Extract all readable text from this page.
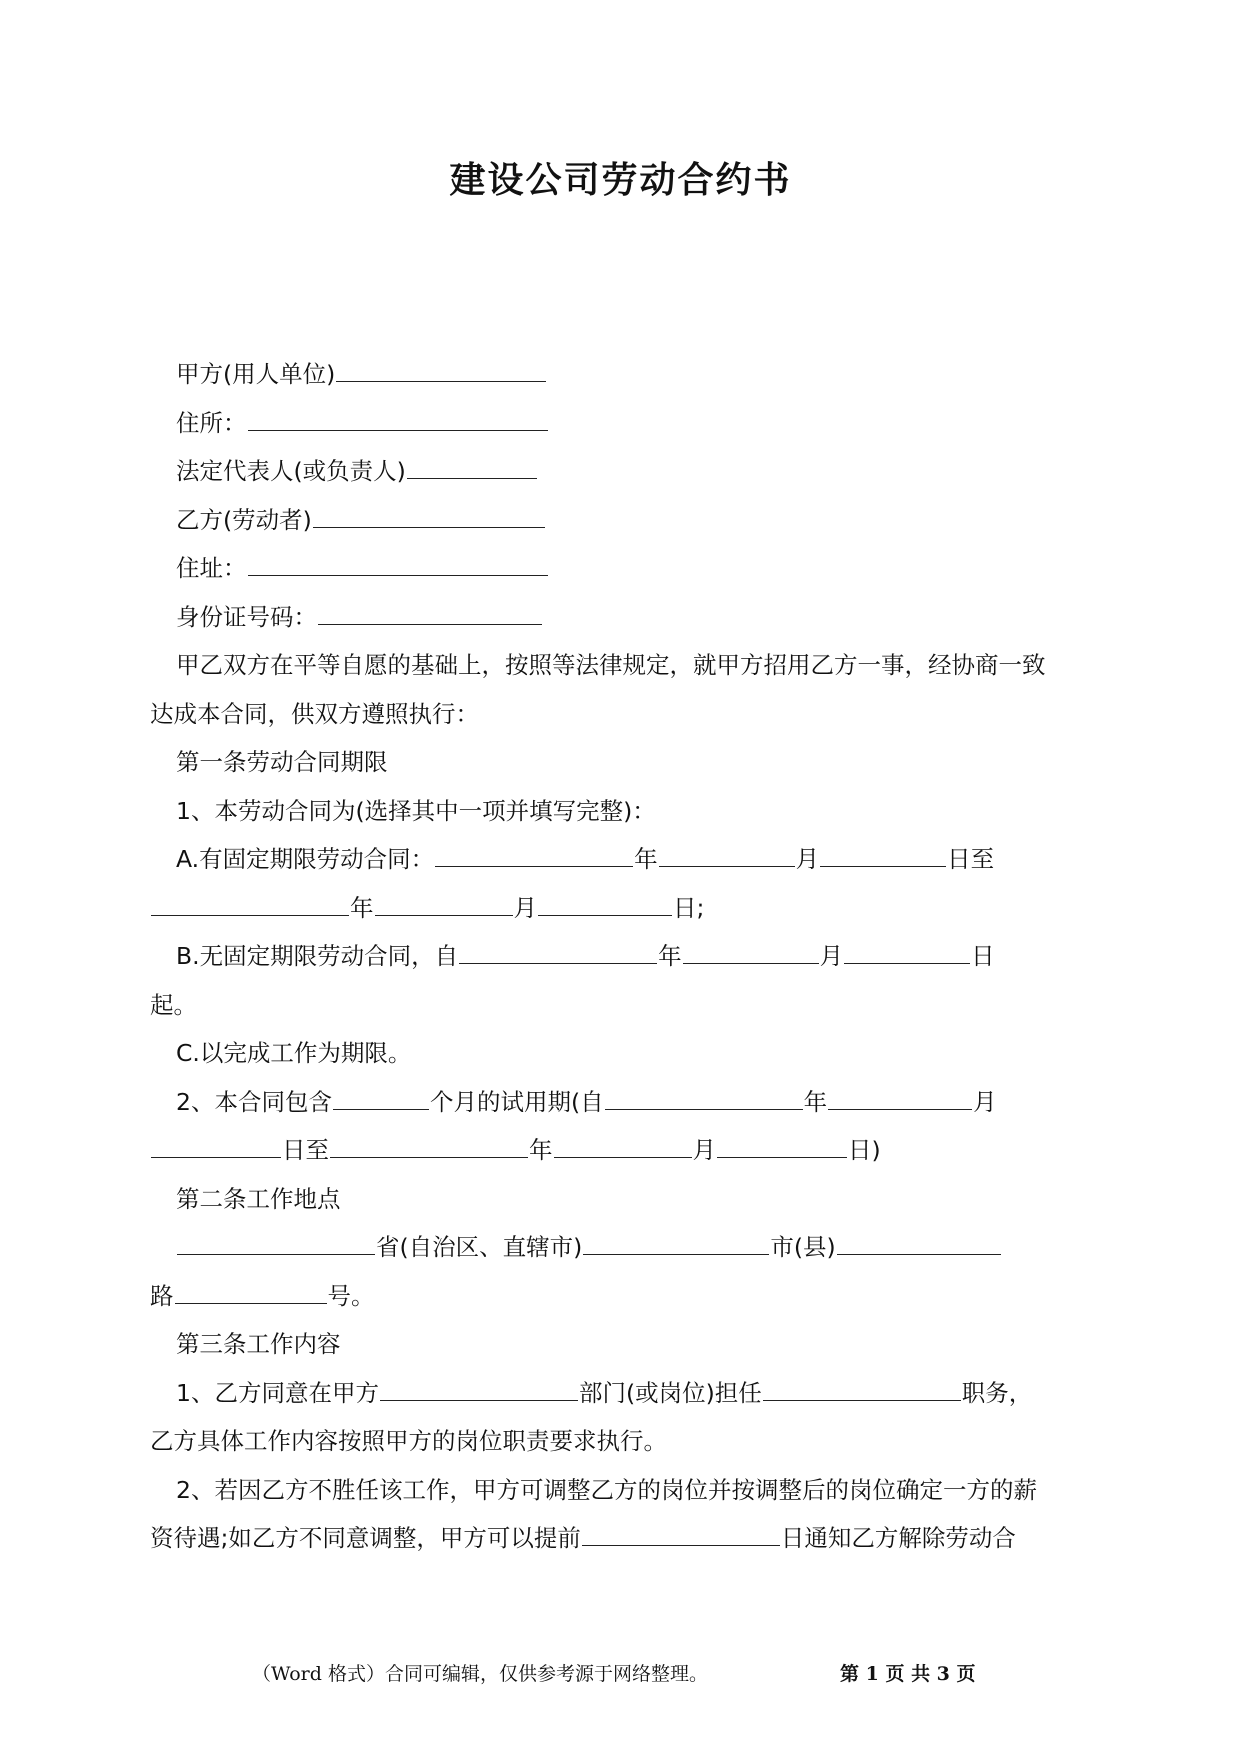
建设公司劳动合约书
甲方(用人单位)
住所：
法定代表人(或负责人)
乙方(劳动者)
住址：
身份证号码：
甲乙双方在平等自愿的基础上，按照等法律规定，就甲方招用乙方一事，经协商一致
达成本合同，供双方遵照执行：
第一条劳动合同期限
1、本劳动合同为(选择其中一项并填写完整)：
A.有固定期限劳动合同：	年	月	日至
年	月	日;
B.无固定期限劳动合同，自	年	月	日
起。
C.以完成工作为期限。
2、本合同包含	个月的试用期(自	年	月
日至	年	月	日)
第二条工作地点
省(自治区、直辖市)	市(县)
路	号。
第三条工作内容
1、乙方同意在甲方	部门(或岗位)担任	职务，
乙方具体工作内容按照甲方的岗位职责要求执行。
2、若因乙方不胜任该工作，甲方可调整乙方的岗位并按调整后的岗位确定一方的薪
资待遇;如乙方不同意调整，甲方可以提前	日通知乙方解除劳动合
（Word 格式）合同可编辑，仅供参考源于网络整理。	第 1 页 共 3 页
